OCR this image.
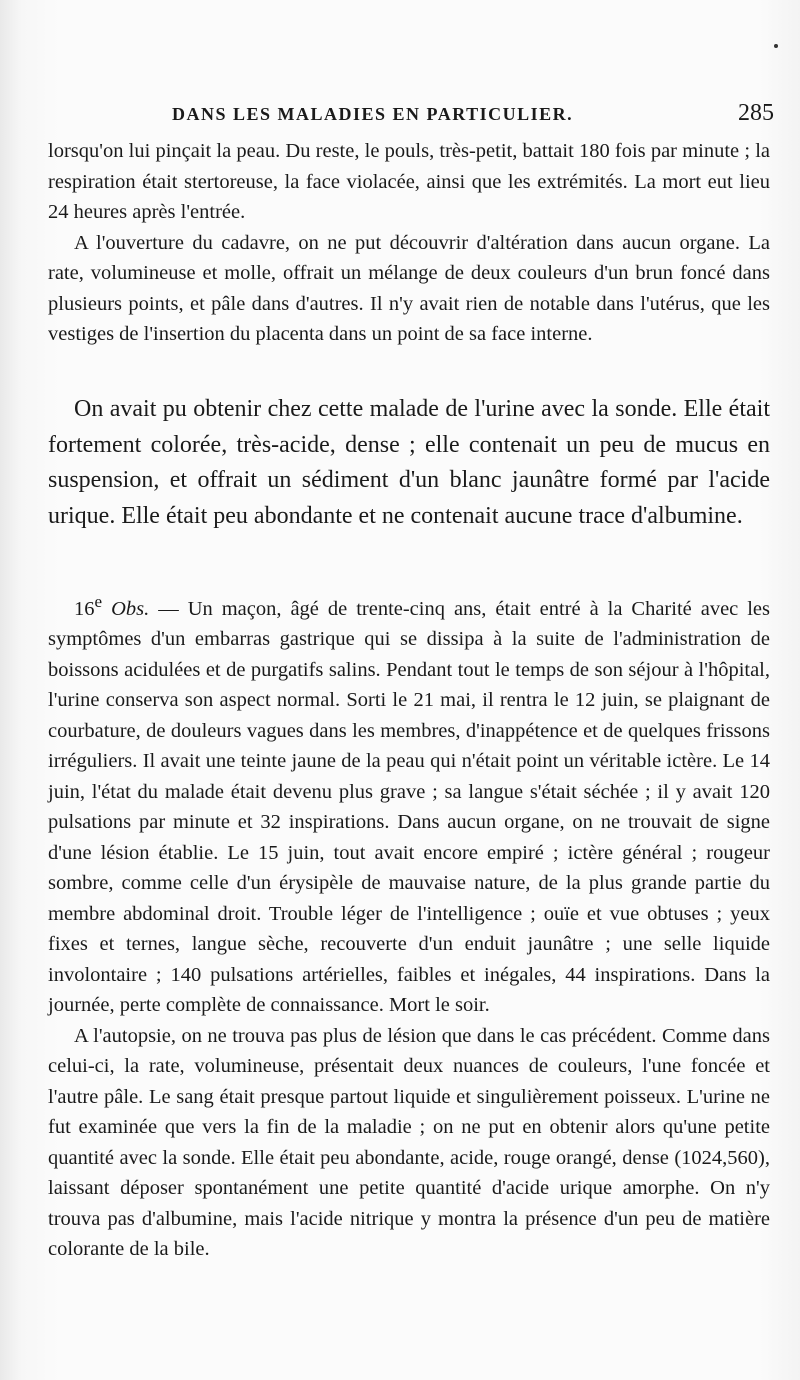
DANS LES MALADIES EN PARTICULIER.	285

lorsqu'on lui pinçait la peau. Du reste, le pouls, très-petit, battait 180 fois par minute ; la respiration était stertoreuse, la face violacée, ainsi que les extrémités. La mort eut lieu 24 heures après l'entrée.

A l'ouverture du cadavre, on ne put découvrir d'altération dans aucun organe. La rate, volumineuse et molle, offrait un mélange de deux couleurs d'un brun foncé dans plusieurs points, et pâle dans d'autres. Il n'y avait rien de notable dans l'utérus, que les vestiges de l'insertion du placenta dans un point de sa face interne.

On avait pu obtenir chez cette malade de l'urine avec la sonde. Elle était fortement colorée, très-acide, dense ; elle contenait un peu de mucus en suspension, et offrait un sédiment d'un blanc jaunâtre formé par l'acide urique. Elle était peu abondante et ne contenait aucune trace d'albumine.

16e Obs. — Un maçon, âgé de trente-cinq ans, était entré à la Charité avec les symptômes d'un embarras gastrique qui se dissipa à la suite de l'administration de boissons acidulées et de purgatifs salins. Pendant tout le temps de son séjour à l'hôpital, l'urine conserva son aspect normal. Sorti le 21 mai, il rentra le 12 juin, se plaignant de courbature, de douleurs vagues dans les membres, d'inappétence et de quelques frissons irréguliers. Il avait une teinte jaune de la peau qui n'était point un véritable ictère. Le 14 juin, l'état du malade était devenu plus grave ; sa langue s'était séchée ; il y avait 120 pulsations par minute et 32 inspirations. Dans aucun organe, on ne trouvait de signe d'une lésion établie. Le 15 juin, tout avait encore empiré ; ictère général ; rougeur sombre, comme celle d'un érysipèle de mauvaise nature, de la plus grande partie du membre abdominal droit. Trouble léger de l'intelligence ; ouïe et vue obtuses ; yeux fixes et ternes, langue sèche, recouverte d'un enduit jaunâtre ; une selle liquide involontaire ; 140 pulsations artérielles, faibles et inégales, 44 inspirations. Dans la journée, perte complète de connaissance. Mort le soir.

A l'autopsie, on ne trouva pas plus de lésion que dans le cas précédent. Comme dans celui-ci, la rate, volumineuse, présentait deux nuances de couleurs, l'une foncée et l'autre pâle. Le sang était presque partout liquide et singulièrement poisseux. L'urine ne fut examinée que vers la fin de la maladie ; on ne put en obtenir alors qu'une petite quantité avec la sonde. Elle était peu abondante, acide, rouge orangé, dense (1024,560), laissant déposer spontanément une petite quantité d'acide urique amorphe. On n'y trouva pas d'albumine, mais l'acide nitrique y montra la présence d'un peu de matière colorante de la bile.
